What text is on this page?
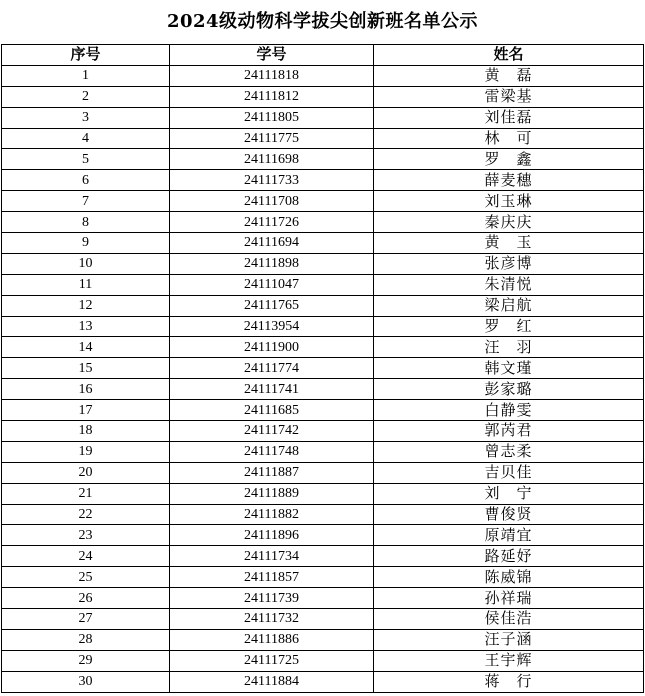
2024级动物科学拔尖创新班名单公示
序号	学号	姓名
1	24111818	黄　磊
2	24111812	雷梁基
3	24111805	刘佳磊
4	24111775	林　可
5	24111698	罗　鑫
6	24111733	薛麦穗
7	24111708	刘玉琳
8	24111726	秦庆庆
9	24111694	黄　玉
10	24111898	张彦博
11	24111047	朱清悦
12	24111765	梁启航
13	24113954	罗　红
14	24111900	汪　羽
15	24111774	韩文瑾
16	24111741	彭家璐
17	24111685	白静雯
18	24111742	郭芮君
19	24111748	曾志柔
20	24111887	吉贝佳
21	24111889	刘　宁
22	24111882	曹俊贤
23	24111896	原靖宜
24	24111734	路延妤
25	24111857	陈威锦
26	24111739	孙祥瑞
27	24111732	侯佳浩
28	24111886	汪子涵
29	24111725	王宇辉
30	24111884	蒋　行
